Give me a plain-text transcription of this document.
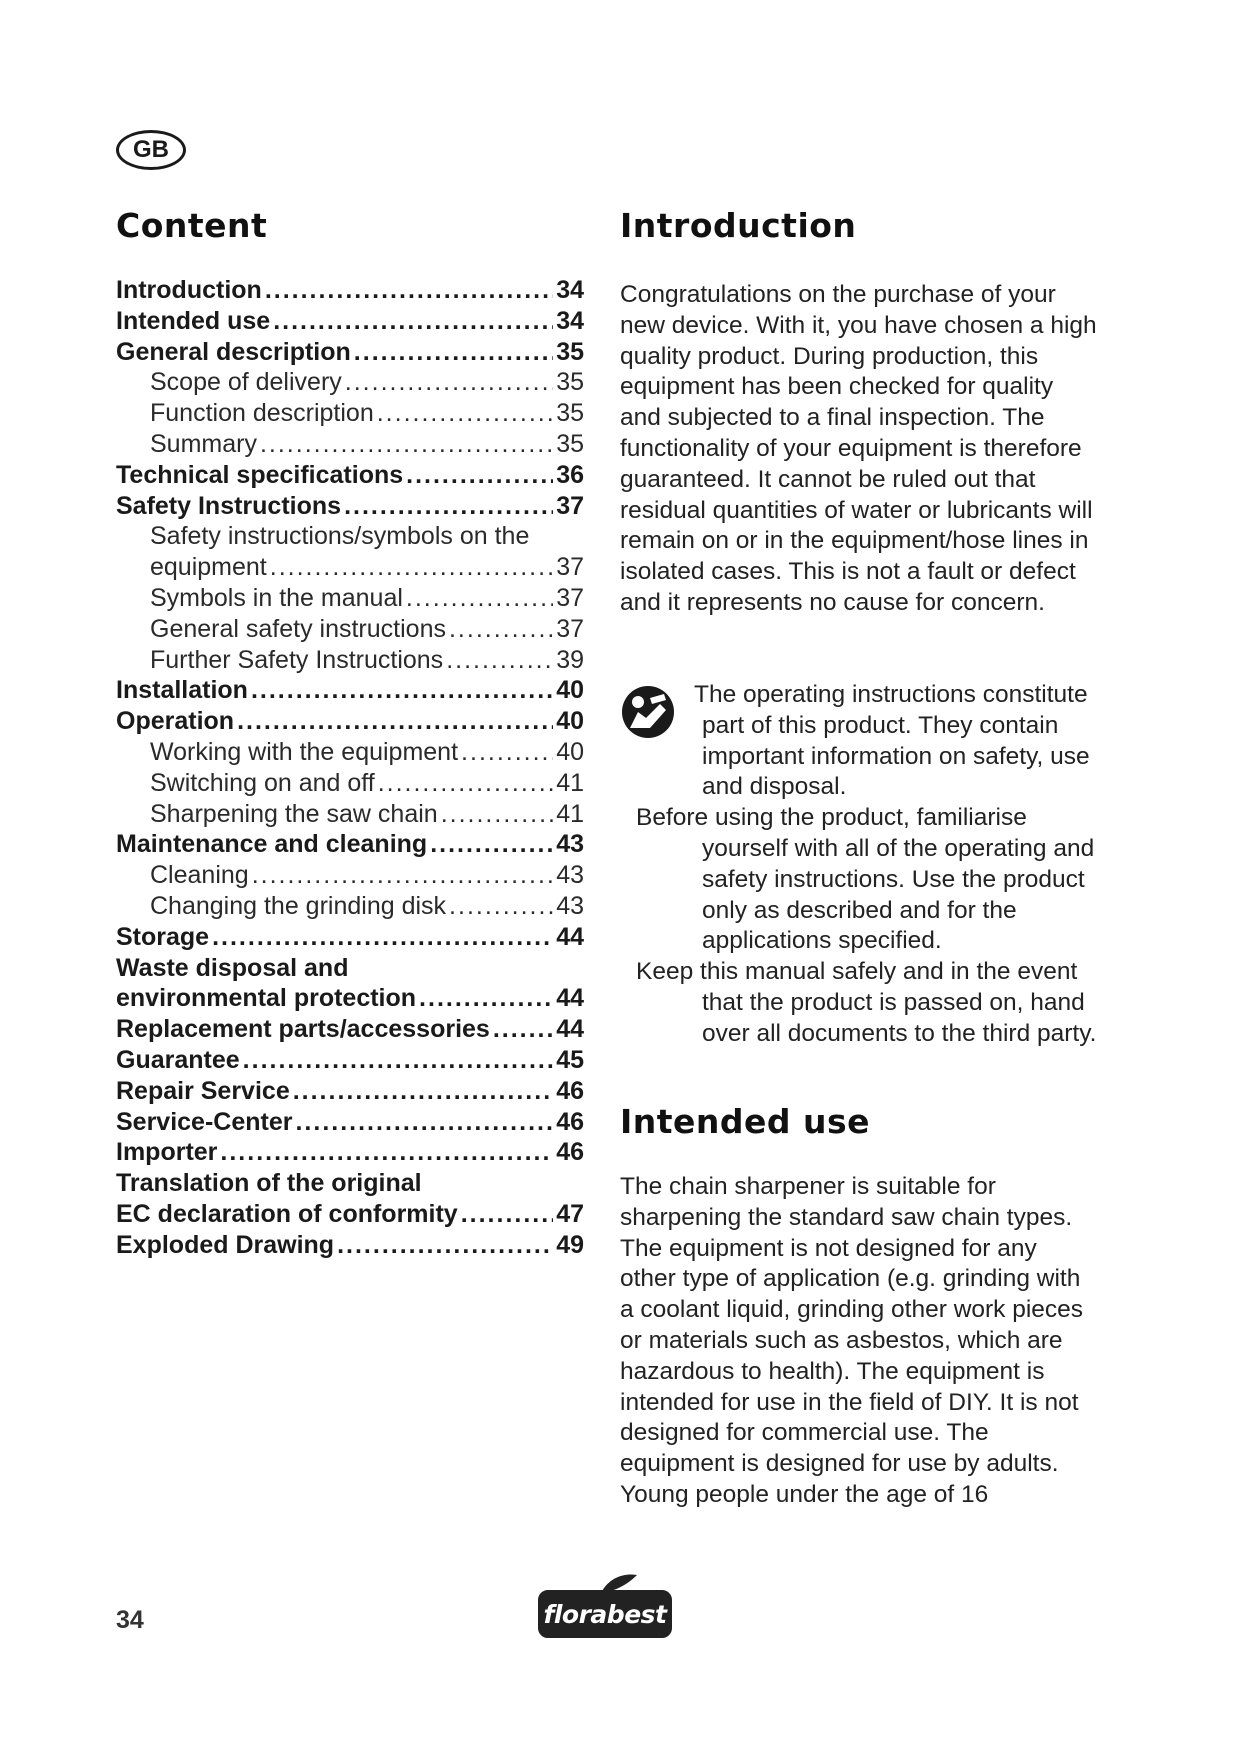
GB
Content
Introduction .....	34
Intended use .....	34
General description .....	35
Scope of delivery .....	35
Function description .....	35
Summary .....	35
Technical specifications .....	36
Safety Instructions .....	37
Safety instructions/symbols on the
equipment .....	37
Symbols in the manual .....	37
General safety instructions .....	37
Further Safety Instructions .....	39
Installation .....	40
Operation .....	40
Working with the equipment .....	40
Switching on and off .....	41
Sharpening the saw chain .....	41
Maintenance and cleaning .....	43
Cleaning .....	43
Changing the grinding disk .....	43
Storage .....	44
Waste disposal and
environmental protection .....	44
Replacement parts/accessories .....	44
Guarantee .....	45
Repair Service .....	46
Service-Center .....	46
Importer .....	46
Translation of the original
EC declaration of conformity .....	47
Exploded Drawing .....	49
Introduction

Congratulations on the purchase of your new device. With it, you have chosen a high quality product. During production, this equipment has been checked for quality and subjected to a final inspection. The functionality of your equipment is therefore guaranteed. It cannot be ruled out that residual quantities of water or lubricants will remain on or in the equipment/hose lines in isolated cases. This is not a fault or defect and it represents no cause for concern.

The operating instructions constitute part of this product. They contain important information on safety, use and disposal.

Before using the product, familiarise yourself with all of the operating and safety instructions. Use the product only as described and for the applications specified.

Keep this manual safely and in the event that the product is passed on, hand over all documents to the third party.

Intended use

The chain sharpener is suitable for sharpening the standard saw chain types. The equipment is not designed for any other type of application (e.g. grinding with a coolant liquid, grinding other work pieces or materials such as asbestos, which are hazardous to health). The equipment is intended for use in the field of DIY. It is not designed for commercial use. The equipment is designed for use by adults. Young people under the age of 16

34	florabest
